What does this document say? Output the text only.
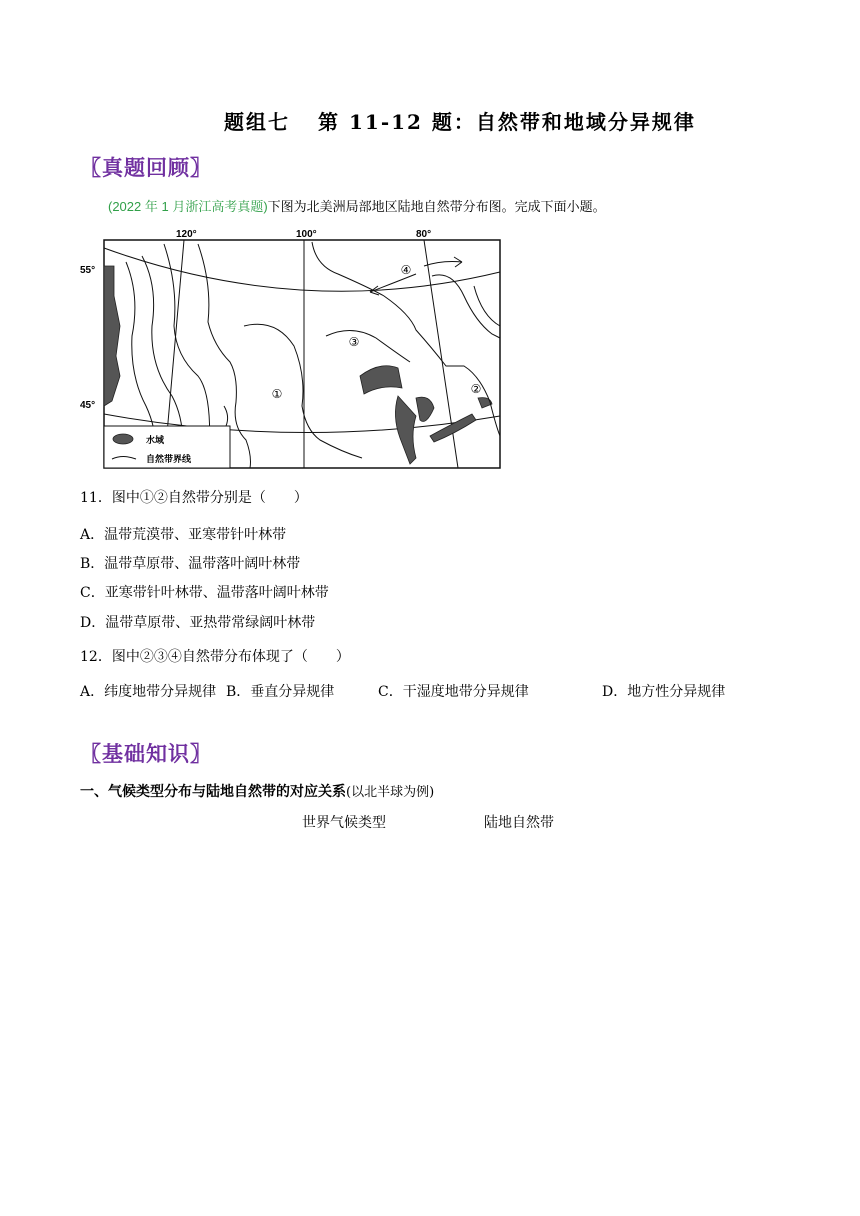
题组七 第 11-12 题：自然带和地域分异规律
〖真题回顾〗
(2022 年 1 月浙江高考真题)下图为北美洲局部地区陆地自然带分布图。完成下面小题。
120°	100°	80°
55°
45°
①	②
③
④
水域
自然带界线
11．图中①②自然带分别是（　　）
A．温带荒漠带、亚寒带针叶林带
B．温带草原带、温带落叶阔叶林带
C．亚寒带针叶林带、温带落叶阔叶林带
D．温带草原带、亚热带常绿阔叶林带
12．图中②③④自然带分布体现了（　　）
A．纬度地带分异规律 B．垂直分异规律	C．干湿度地带分异规律	D．地方性分异规律
〖基础知识〗
一、气候类型分布与陆地自然带的对应关系(以北半球为例)
世界气候类型	陆地自然带
